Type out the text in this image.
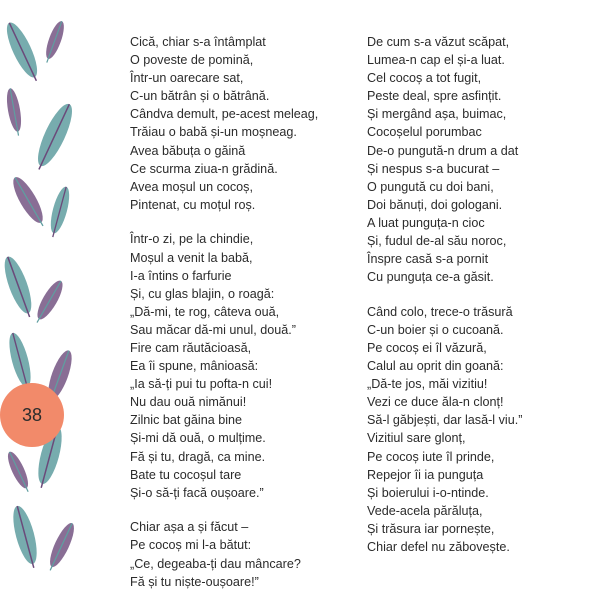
38
Cică, chiar s-a întâmplat
O poveste de pomină,
Într-un oarecare sat,
C-un bătrân și o bătrână.
Cândva demult, pe-acest meleag,
Trăiau o babă și-un moșneag.
Avea băbuța o găină
Ce scurma ziua-n grădină.
Avea moșul un cocoș,
Pintenat, cu moțul roș.
Într-o zi, pe la chindie,
Moșul a venit la babă,
I-a întins o farfurie
Și, cu glas blajin, o roagă:
„Dă-mi, te rog, câteva ouă,
Sau măcar dă-mi unul, două.”
Fire cam răutăcioasă,
Ea îi spune, mânioasă:
„Ia să-ți pui tu pofta-n cui!
Nu dau ouă nimănui!
Zilnic bat găina bine
Și-mi dă ouă, o mulțime.
Fă și tu, dragă, ca mine.
Bate tu cocoșul tare
Și-o să-ți facă oușoare.”
Chiar așa a și făcut –
Pe cocoș mi l-a bătut:
„Ce, degeaba-ți dau mâncare?
Fă și tu niște-oușoare!”
De cum s-a văzut scăpat,
Lumea-n cap el și-a luat.
Cel cocoș a tot fugit,
Peste deal, spre asfințit.
Și mergând așa, buimac,
Cocoșelul porumbac
De-o pungută-n drum a dat
Și nespus s-a bucurat –
O pungută cu doi bani,
Doi bănuți, doi gologani.
A luat punguța-n cioc
Și, fudul de-al său noroc,
Înspre casă s-a pornit
Cu punguța ce-a găsit.
Când colo, trece-o trăsură
C-un boier și o cucoană.
Pe cocoș ei îl văzură,
Calul au oprit din goană:
„Dă-te jos, măi vizitiu!
Vezi ce duce ăla-n clonț!
Să-l găbjești, dar lasă-l viu.”
Vizitiul sare glonț,
Pe cocoș iute îl prinde,
Repejor îi ia punguța
Și boierului i-o-ntinde.
Vede-acela părăluța,
Și trăsura iar pornește,
Chiar defel nu zăbovește.
